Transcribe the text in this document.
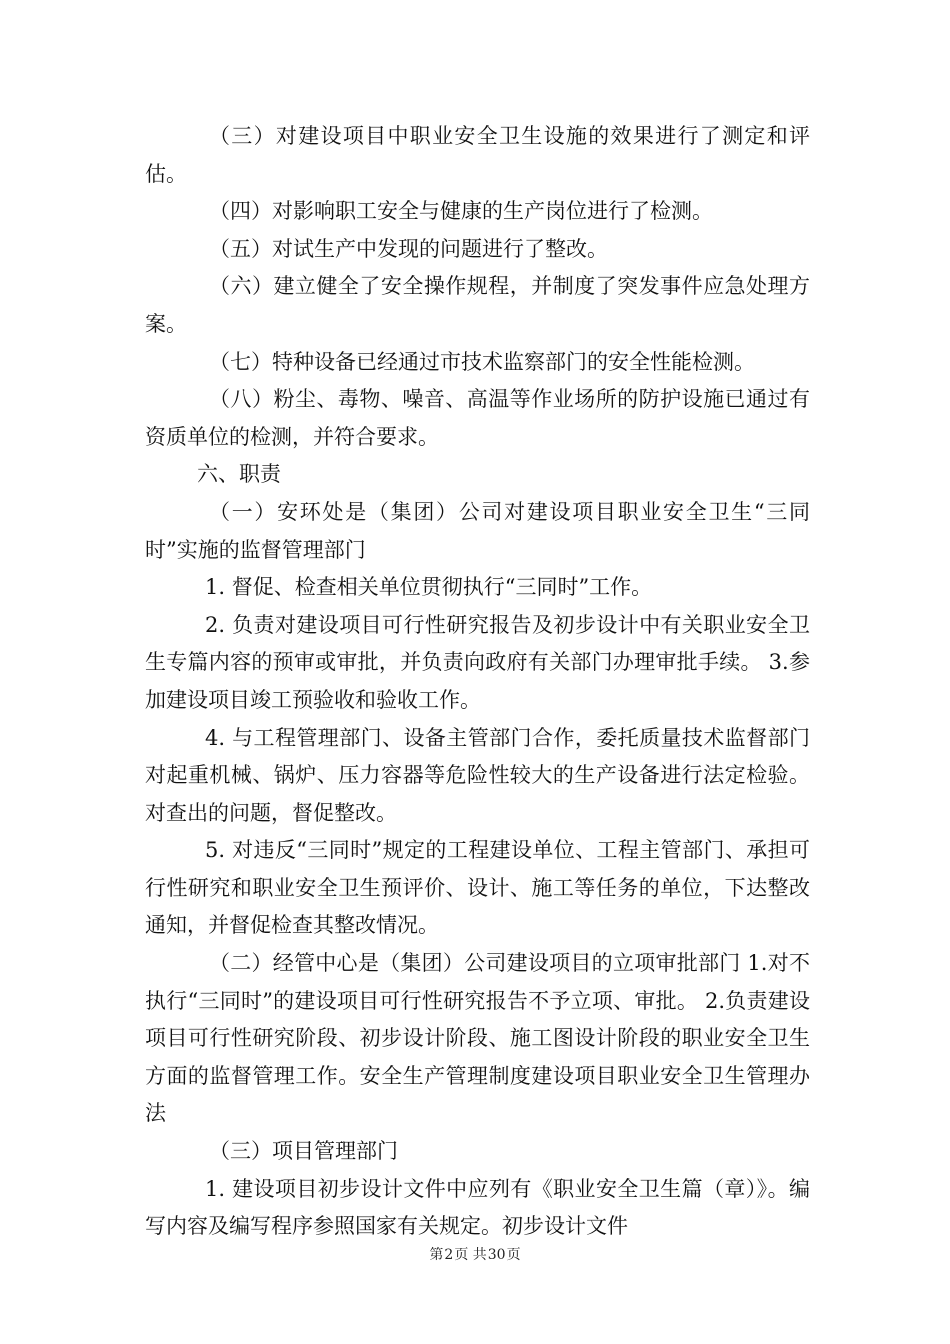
（三）对建设项目中职业安全卫生设施的效果进行了测定和评估。

（四）对影响职工安全与健康的生产岗位进行了检测。

（五）对试生产中发现的问题进行了整改。

（六）建立健全了安全操作规程，并制度了突发事件应急处理方案。

（七）特种设备已经通过市技术监察部门的安全性能检测。

（八）粉尘、毒物、噪音、高温等作业场所的防护设施已通过有资质单位的检测，并符合要求。

六、职责

（一）安环处是（集团）公司对建设项目职业安全卫生“三同时”实施的监督管理部门

1. 督促、检查相关单位贯彻执行“三同时”工作。

2. 负责对建设项目可行性研究报告及初步设计中有关职业安全卫生专篇内容的预审或审批，并负责向政府有关部门办理审批手续。 3.参加建设项目竣工预验收和验收工作。

4. 与工程管理部门、设备主管部门合作，委托质量技术监督部门对起重机械、锅炉、压力容器等危险性较大的生产设备进行法定检验。对查出的问题，督促整改。

5. 对违反“三同时”规定的工程建设单位、工程主管部门、承担可行性研究和职业安全卫生预评价、设计、施工等任务的单位，下达整改通知，并督促检查其整改情况。

（二）经管中心是（集团）公司建设项目的立项审批部门 1.对不执行“三同时”的建设项目可行性研究报告不予立项、审批。 2.负责建设项目可行性研究阶段、初步设计阶段、施工图设计阶段的职业安全卫生方面的监督管理工作。安全生产管理制度建设项目职业安全卫生管理办法

（三）项目管理部门

1. 建设项目初步设计文件中应列有《职业安全卫生篇（章）》。编写内容及编写程序参照国家有关规定。初步设计文件

第2页 共30页
